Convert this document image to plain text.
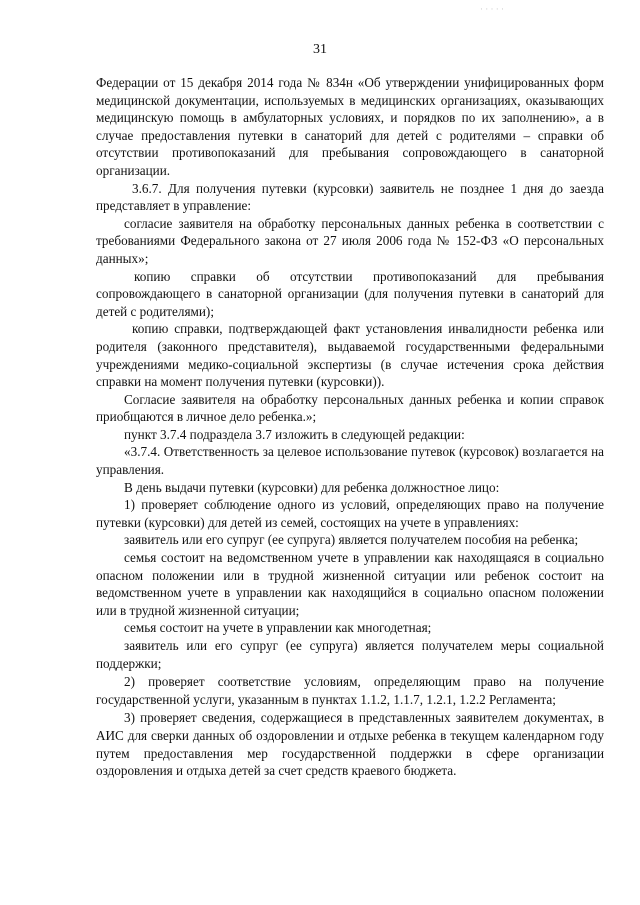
· · · · ·
31

Федерации от 15 декабря 2014 года № 834н «Об утверждении унифицированных форм медицинской документации, используемых в медицинских организациях, оказывающих медицинскую помощь в амбулаторных условиях, и порядков по их заполнению», а в случае предоставления путевки в санаторий для детей с родителями – справки об отсутствии противопоказаний для пребывания сопровождающего в санаторной организации.

3.6.7. Для получения путевки (курсовки) заявитель не позднее 1 дня до заезда представляет в управление:

согласие заявителя на обработку персональных данных ребенка в соответствии с требованиями Федерального закона от 27 июля 2006 года № 152-ФЗ «О персональных данных»;

копию справки об отсутствии противопоказаний для пребывания сопровождающего в санаторной организации (для получения путевки в санаторий для детей с родителями);

копию справки, подтверждающей факт установления инвалидности ребенка или родителя (законного представителя), выдаваемой государственными федеральными учреждениями медико-социальной экспертизы (в случае истечения срока действия справки на момент получения путевки (курсовки)).

Согласие заявителя на обработку персональных данных ребенка и копии справок приобщаются в личное дело ребенка.»;

пункт 3.7.4 подраздела 3.7 изложить в следующей редакции:

«3.7.4. Ответственность за целевое использование путевок (курсовок) возлагается на управления.

В день выдачи путевки (курсовки) для ребенка должностное лицо:

1) проверяет соблюдение одного из условий, определяющих право на получение путевки (курсовки) для детей из семей, состоящих на учете в управлениях:

заявитель или его супруг (ее супруга) является получателем пособия на ребенка;

семья состоит на ведомственном учете в управлении как находящаяся в социально опасном положении или в трудной жизненной ситуации или ребенок состоит на ведомственном учете в управлении как находящийся в социально опасном положении или в трудной жизненной ситуации;

семья состоит на учете в управлении как многодетная;

заявитель или его супруг (ее супруга) является получателем меры социальной поддержки;

2) проверяет соответствие условиям, определяющим право на получение государственной услуги, указанным в пунктах 1.1.2, 1.1.7, 1.2.1, 1.2.2 Регламента;

3) проверяет сведения, содержащиеся в представленных заявителем документах, в АИС для сверки данных об оздоровлении и отдыхе ребенка в текущем календарном году путем предоставления мер государственной поддержки в сфере организации оздоровления и отдыха детей за счет средств краевого бюджета.
